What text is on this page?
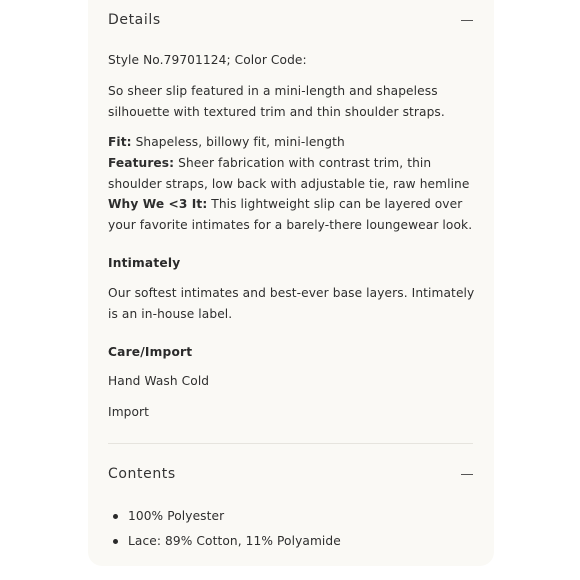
Details

Style No.79701124; Color Code:

So sheer slip featured in a mini-length and shapeless silhouette with textured trim and thin shoulder straps.

Fit: Shapeless, billowy fit, mini-length

Features: Sheer fabrication with contrast trim, thin shoulder straps, low back with adjustable tie, raw hemline

Why We <3 It: This lightweight slip can be layered over your favorite intimates for a barely-there loungewear look.

Intimately

Our softest intimates and best-ever base layers. Intimately is an in-house label.

Care/Import

Hand Wash Cold

Import

Contents
100% Polyester
Lace: 89% Cotton, 11% Polyamide
